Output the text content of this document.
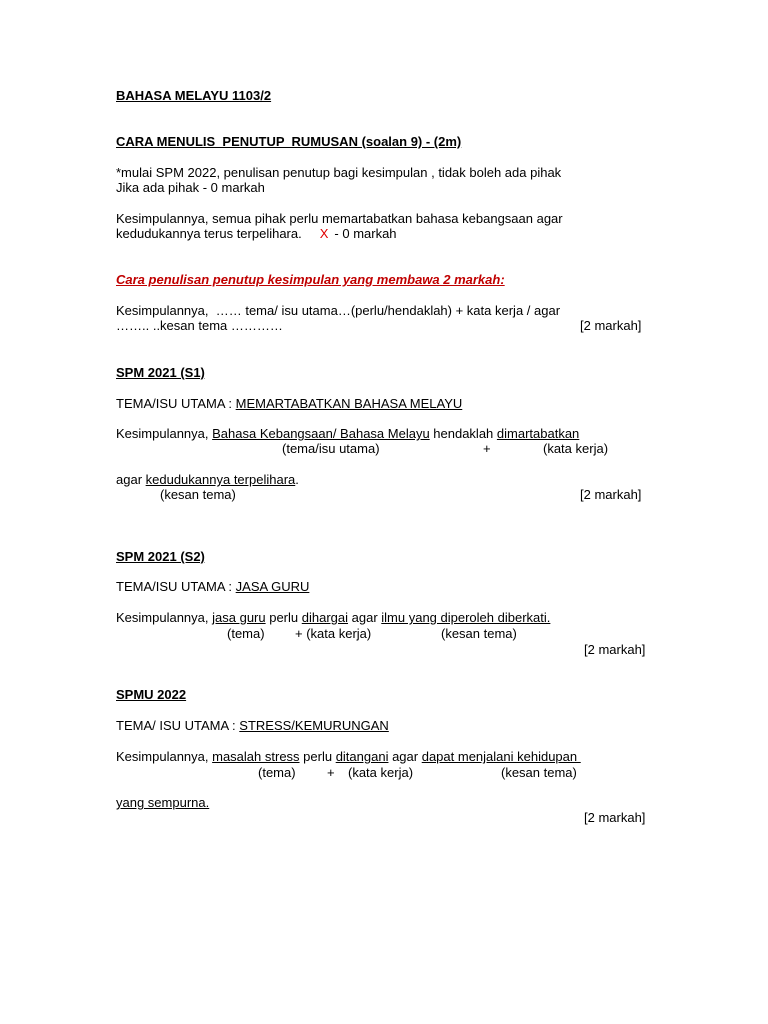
BAHASA MELAYU 1103/2
CARA MENULIS  PENUTUP  RUMUSAN (soalan 9) - (2m)
*mulai SPM 2022, penulisan penutup bagi kesimpulan , tidak boleh ada pihak
Jika ada pihak - 0 markah
Kesimpulannya, semua pihak perlu memartabatkan bahasa kebangsaan agar
kedudukannya terus terpelihara. X - 0 markah
Cara penulisan penutup kesimpulan yang membawa 2 markah:
Kesimpulannya,  …… tema/ isu utama…(perlu/hendaklah) + kata kerja / agar
…….. ..kesan tema …………	[2 markah]
SPM 2021 (S1)
TEMA/ISU UTAMA : MEMARTABATKAN BAHASA MELAYU
Kesimpulannya, Bahasa Kebangsaan/ Bahasa Melayu hendaklah dimartabatkan
(tema/isu utama)	+	(kata kerja)
agar kedudukannya terpelihara.
(kesan tema)	[2 markah]
SPM 2021 (S2)
TEMA/ISU UTAMA : JASA GURU
Kesimpulannya, jasa guru perlu dihargai agar ilmu yang diperoleh diberkati.
(tema) + (kata kerja)	(kesan tema)
[2 markah]
SPMU 2022
TEMA/ ISU UTAMA : STRESS/KEMURUNGAN
Kesimpulannya, masalah stress perlu ditangani agar dapat menjalani kehidupan
(tema) + (kata kerja)	(kesan tema)
yang sempurna.
[2 markah]
